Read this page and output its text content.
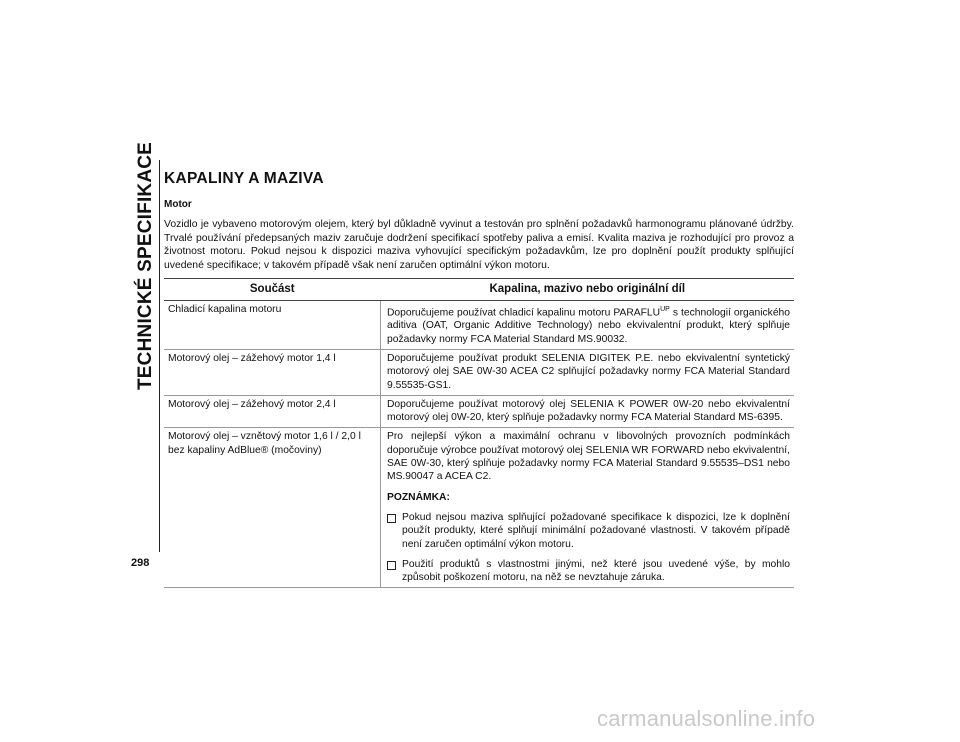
TECHNICKÉ SPECIFIKACE
298
KAPALINY A MAZIVA
Motor

Vozidlo je vybaveno motorovým olejem, který byl důkladně vyvinut a testován pro splnění požadavků harmonogramu plánované údržby. Trvalé používání předepsaných maziv zaručuje dodržení specifikací spotřeby paliva a emisí. Kvalita maziva je rozhodující pro provoz a životnost motoru. Pokud nejsou k dispozici maziva vyhovující specifickým požadavkům, lze pro doplnění použít produkty splňující uvedené specifikace; v takovém případě však není zaručen optimální výkon motoru.

Součást	Kapalina, mazivo nebo originální díl
Chladicí kapalina motoru	Doporučujeme používat chladicí kapalinu motoru $PARAFLU^{UP}$ s technologií organického aditiva (OAT, Organic Additive Technology) nebo ekvivalentní produkt, který splňuje požadavky normy FCA Material Standard MS.90032.
Motorový olej – zážehový motor 1,4 l	Doporučujeme používat produkt SELENIA DIGITEK P.E. nebo ekvivalentní syntetický motorový olej SAE 0W-30 ACEA C2 splňující požadavky normy FCA Material Standard 9.55535-GS1.
Motorový olej – zážehový motor 2,4 l	Doporučujeme používat motorový olej SELENIA K POWER 0W-20 nebo ekvivalentní motorový olej 0W-20, který splňuje požadavky normy FCA Material Standard MS-6395.
Motorový olej – vznětový motor 1,6 l / 2,0 l bez kapaliny AdBlue® (močoviny)	Pro nejlepší výkon a maximální ochranu v libovolných provozních podmínkách doporučuje výrobce používat motorový olej SELENIA WR FORWARD nebo ekvivalentní, SAE 0W-30, který splňuje požadavky normy FCA Material Standard 9.55535–DS1 nebo MS.90047 a ACEA C2.
POZNÁMKA:
Pokud nejsou maziva splňující požadované specifikace k dispozici, lze k doplnění použít produkty, které splňují minimální požadované vlastnosti. V takovém případě není zaručen optimální výkon motoru.
Použití produktů s vlastnostmi jinými, než které jsou uvedené výše, by mohlo způsobit poškození motoru, na něž se nevztahuje záruka.
carmanualsonline.info
